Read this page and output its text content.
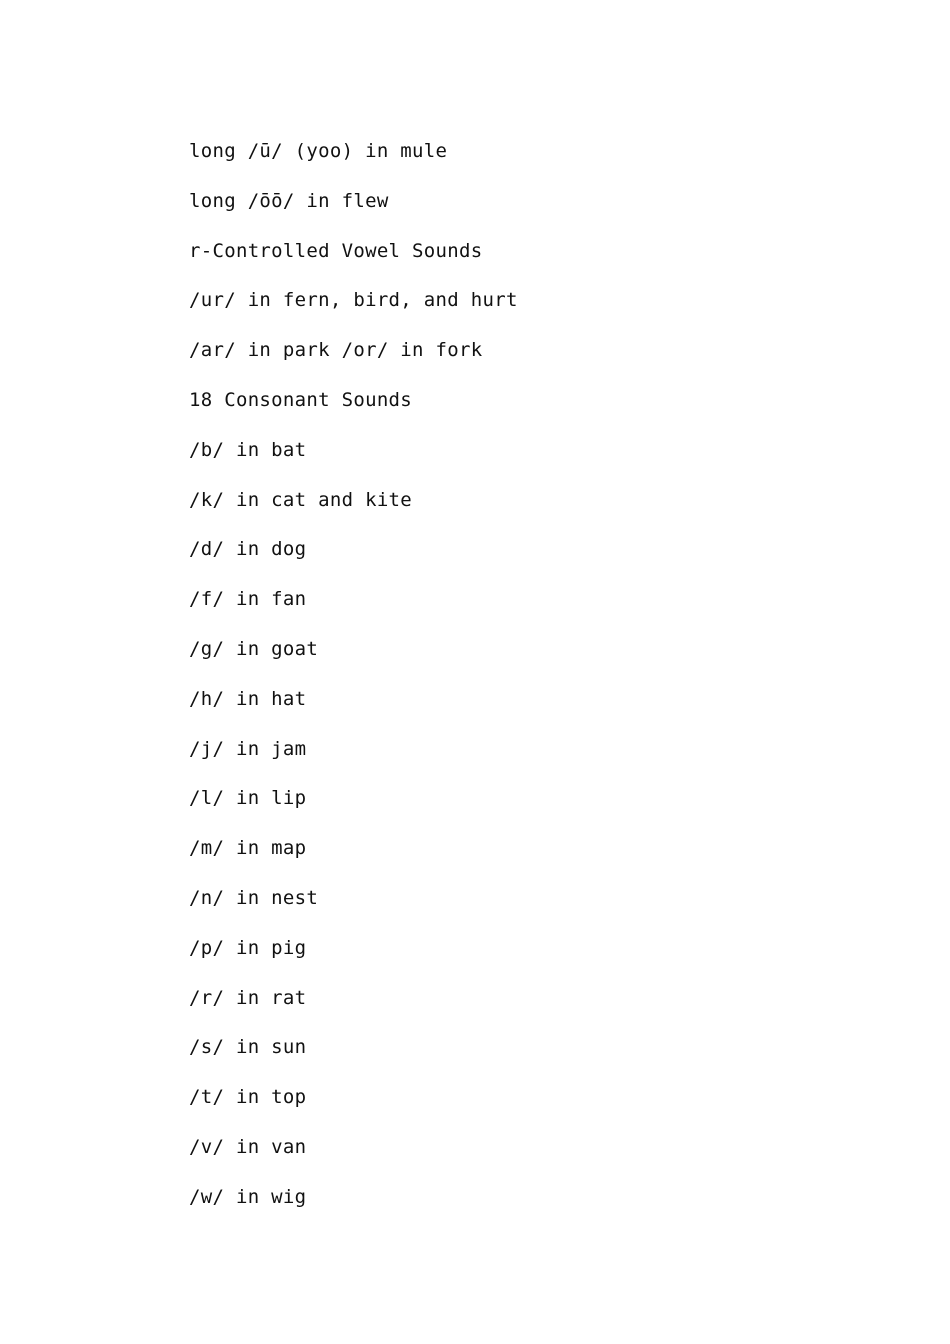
long /ū/ (yoo) in mule
long /ōō/ in flew
r-Controlled Vowel Sounds
/ur/ in fern, bird, and hurt
/ar/ in park /or/ in fork
18 Consonant Sounds
/b/ in bat
/k/ in cat and kite
/d/ in dog
/f/ in fan
/g/ in goat
/h/ in hat
/j/ in jam
/l/ in lip
/m/ in map
/n/ in nest
/p/ in pig
/r/ in rat
/s/ in sun
/t/ in top
/v/ in van
/w/ in wig
